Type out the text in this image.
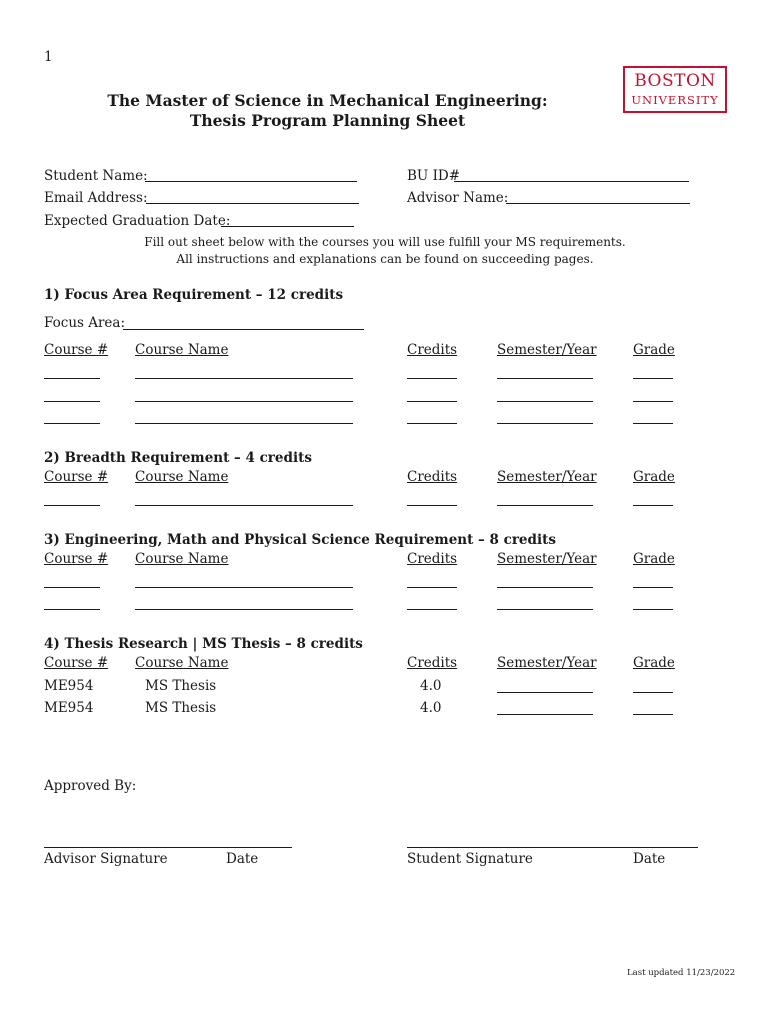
1
BOSTON
UNIVERSITY
The Master of Science in Mechanical Engineering:
Thesis Program Planning Sheet
Student Name:	BU ID#
Email Address:	Advisor Name:
Expected Graduation Date:
Fill out sheet below with the courses you will use fulfill your MS requirements.
All instructions and explanations can be found on succeeding pages.
1) Focus Area Requirement – 12 credits
Focus Area:
Course # Course Name	Credits	Semester/Year	Grade
2) Breadth Requirement – 4 credits
Course # Course Name	Credits	Semester/Year	Grade
3) Engineering, Math and Physical Science Requirement – 8 credits
Course # Course Name	Credits	Semester/Year	Grade
4) Thesis Research | MS Thesis – 8 credits
Course # Course Name	Credits	Semester/Year	Grade
ME954	MS Thesis	4.0
ME954	MS Thesis	4.0
Approved By:
Advisor Signature	Date	Student Signature	Date
Last updated 11/23/2022
